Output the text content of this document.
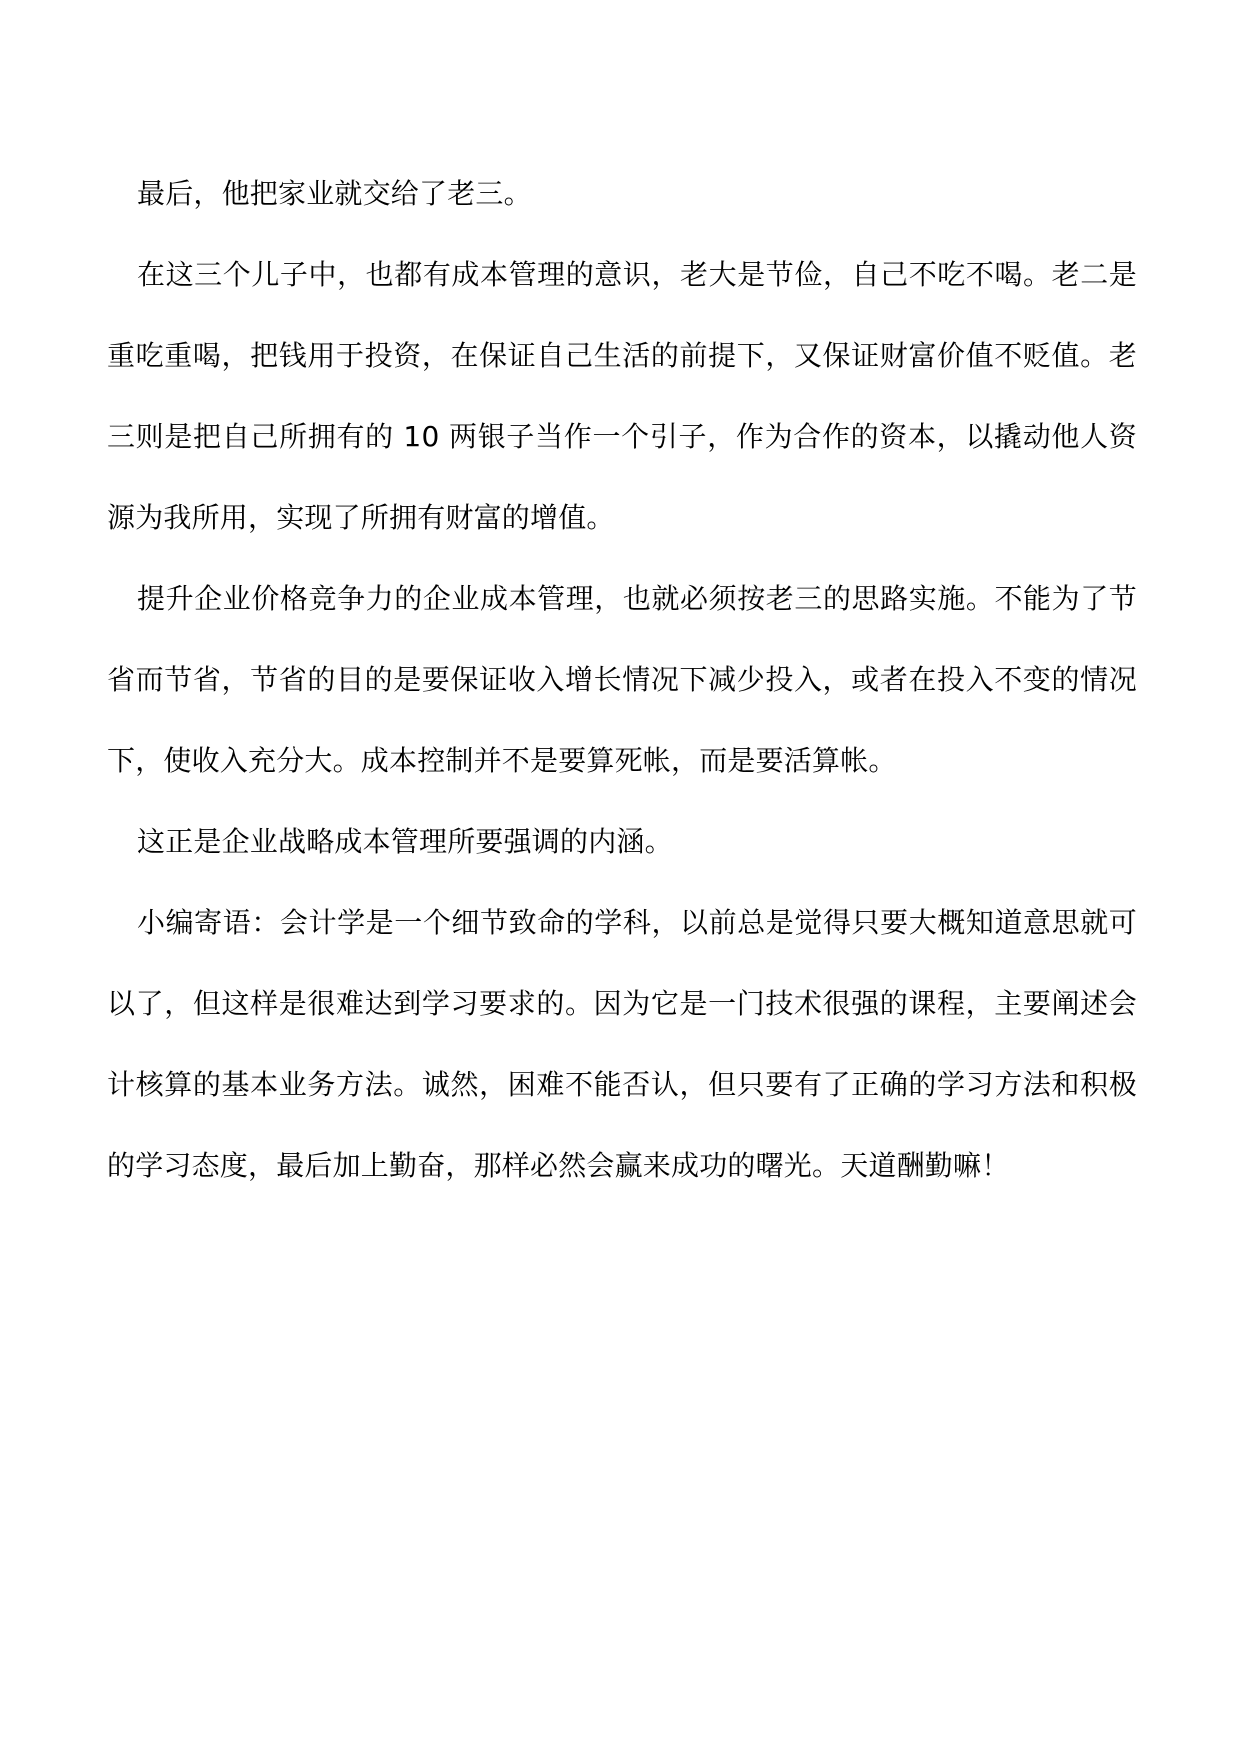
最后，他把家业就交给了老三。

在这三个儿子中，也都有成本管理的意识，老大是节俭，自己不吃不喝。老二是重吃重喝，把钱用于投资，在保证自己生活的前提下，又保证财富价值不贬值。老三则是把自己所拥有的 10 两银子当作一个引子，作为合作的资本，以撬动他人资源为我所用，实现了所拥有财富的增值。

提升企业价格竞争力的企业成本管理，也就必须按老三的思路实施。不能为了节省而节省，节省的目的是要保证收入增长情况下减少投入，或者在投入不变的情况下，使收入充分大。成本控制并不是要算死帐，而是要活算帐。

这正是企业战略成本管理所要强调的内涵。

小编寄语：会计学是一个细节致命的学科，以前总是觉得只要大概知道意思就可以了，但这样是很难达到学习要求的。因为它是一门技术很强的课程，主要阐述会计核算的基本业务方法。诚然，困难不能否认，但只要有了正确的学习方法和积极的学习态度，最后加上勤奋，那样必然会赢来成功的曙光。天道酬勤嘛！
